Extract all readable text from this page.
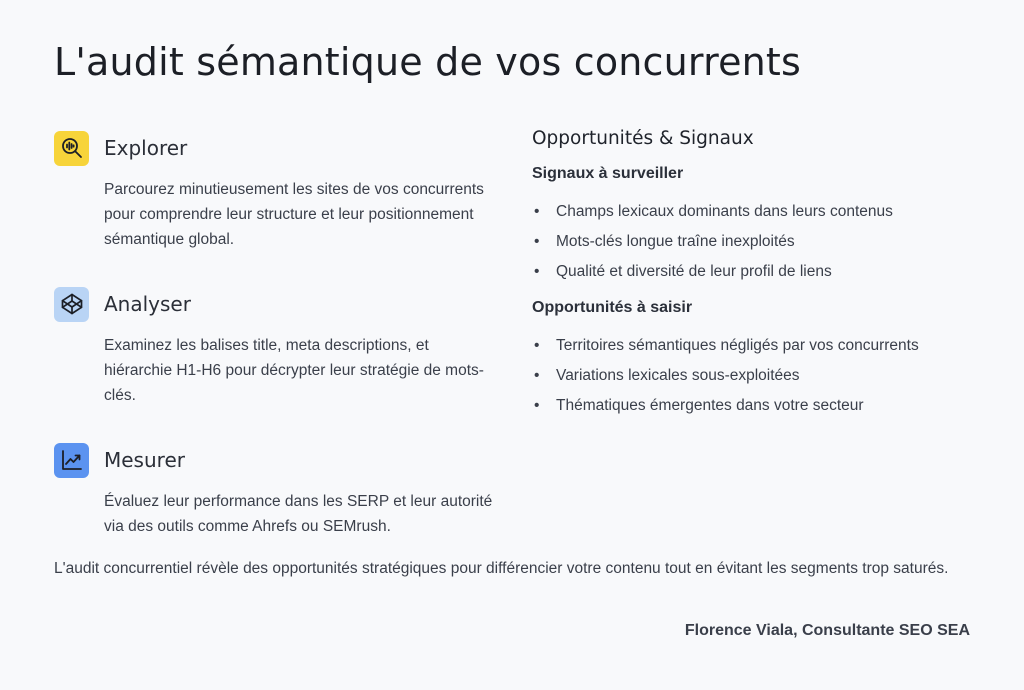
L'audit sémantique de vos concurrents
Explorer

Parcourez minutieusement les sites de vos concurrents pour comprendre leur structure et leur positionnement sémantique global.

Analyser

Examinez les balises title, meta descriptions, et hiérarchie H1-H6 pour décrypter leur stratégie de mots-clés.

Mesurer

Évaluez leur performance dans les SERP et leur autorité via des outils comme Ahrefs ou SEMrush.

Opportunités & Signaux
Signaux à surveiller
• Champs lexicaux dominants dans leurs contenus
• Mots-clés longue traîne inexploités
• Qualité et diversité de leur profil de liens
Opportunités à saisir
• Territoires sémantiques négligés par vos concurrents
• Variations lexicales sous-exploitées
• Thématiques émergentes dans votre secteur

L'audit concurrentiel révèle des opportunités stratégiques pour différencier votre contenu tout en évitant les segments trop saturés.

Florence Viala, Consultante SEO SEA
